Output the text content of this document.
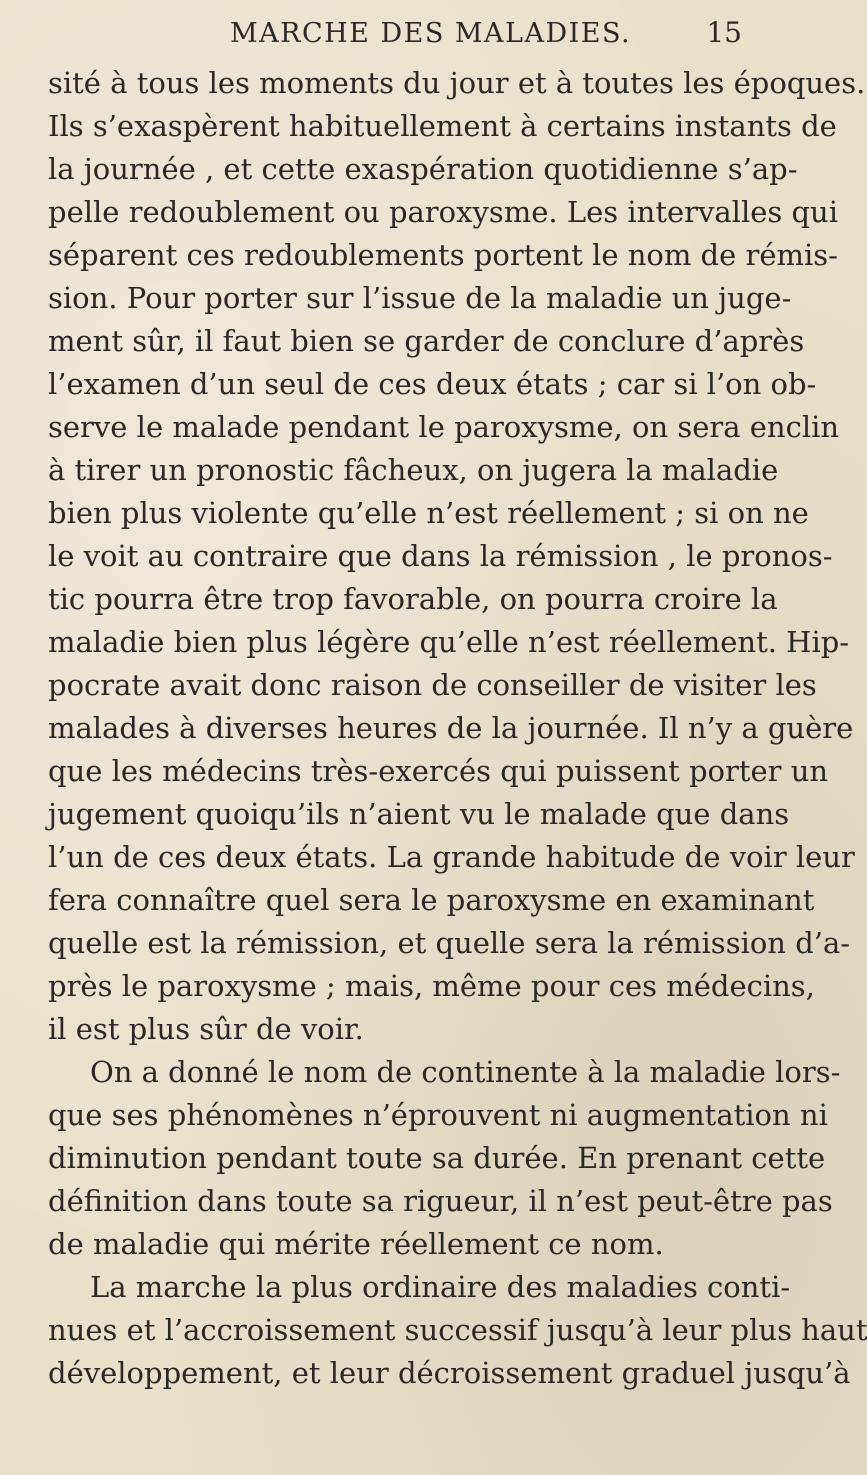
MARCHE DES MALADIES.	15
sité à tous les moments du jour et à toutes les époques.
Ils s’exaspèrent habituellement à certains instants de
la journée , et cette exaspération quotidienne s’ap-
pelle redoublement ou paroxysme. Les intervalles qui
séparent ces redoublements portent le nom de rémis-
sion. Pour porter sur l’issue de la maladie un juge-
ment sûr, il faut bien se garder de conclure d’après
l’examen d’un seul de ces deux états ; car si l’on ob-
serve le malade pendant le paroxysme, on sera enclin
à tirer un pronostic fâcheux, on jugera la maladie
bien plus violente qu’elle n’est réellement ; si on ne
le voit au contraire que dans la rémission , le pronos-
tic pourra être trop favorable, on pourra croire la
maladie bien plus légère qu’elle n’est réellement. Hip-
pocrate avait donc raison de conseiller de visiter les
malades à diverses heures de la journée. Il n’y a guère
que les médecins très-exercés qui puissent porter un
jugement quoiqu’ils n’aient vu le malade que dans
l’un de ces deux états. La grande habitude de voir leur
fera connaître quel sera le paroxysme en examinant
quelle est la rémission, et quelle sera la rémission d’a-
près le paroxysme ; mais, même pour ces médecins,
il est plus sûr de voir.
On a donné le nom de continente à la maladie lors-
que ses phénomènes n’éprouvent ni augmentation ni
diminution pendant toute sa durée. En prenant cette
définition dans toute sa rigueur, il n’est peut-être pas
de maladie qui mérite réellement ce nom.
La marche la plus ordinaire des maladies conti-
nues et l’accroissement successif jusqu’à leur plus haut
développement, et leur décroissement graduel jusqu’à
